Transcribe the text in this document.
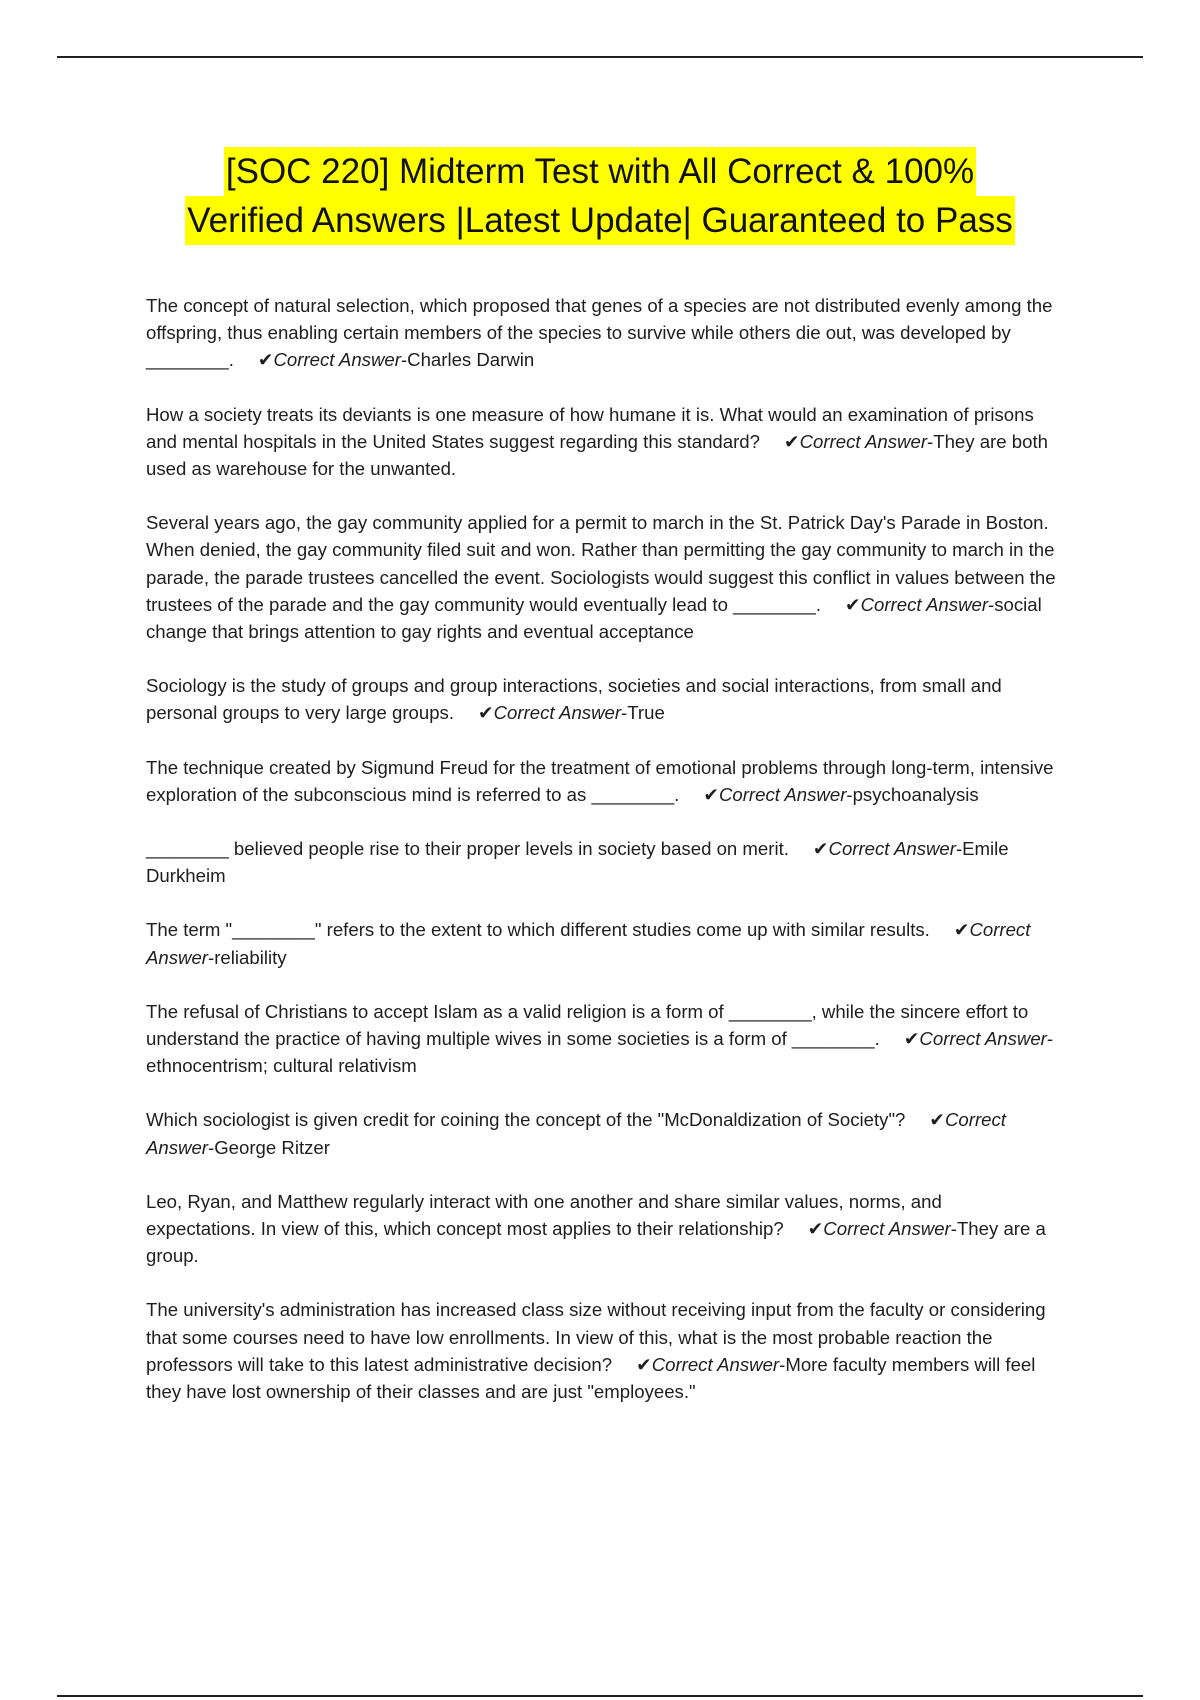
[SOC 220] Midterm Test with All Correct & 100%
Verified Answers |Latest Update| Guaranteed to Pass
The concept of natural selection, which proposed that genes of a species are not distributed evenly among the offspring, thus enabling certain members of the species to survive while others die out, was developed by ________. ✔Correct Answer-Charles Darwin
How a society treats its deviants is one measure of how humane it is. What would an examination of prisons and mental hospitals in the United States suggest regarding this standard? ✔Correct Answer-They are both used as warehouse for the unwanted.
Several years ago, the gay community applied for a permit to march in the St. Patrick Day's Parade in Boston. When denied, the gay community filed suit and won. Rather than permitting the gay community to march in the parade, the parade trustees cancelled the event. Sociologists would suggest this conflict in values between the trustees of the parade and the gay community would eventually lead to ________. ✔Correct Answer-social change that brings attention to gay rights and eventual acceptance
Sociology is the study of groups and group interactions, societies and social interactions, from small and personal groups to very large groups. ✔Correct Answer-True
The technique created by Sigmund Freud for the treatment of emotional problems through long-term, intensive exploration of the subconscious mind is referred to as ________. ✔Correct Answer-psychoanalysis
________ believed people rise to their proper levels in society based on merit. ✔Correct Answer-Emile Durkheim
The term "________" refers to the extent to which different studies come up with similar results. ✔Correct Answer-reliability
The refusal of Christians to accept Islam as a valid religion is a form of ________, while the sincere effort to understand the practice of having multiple wives in some societies is a form of ________. ✔Correct Answer-ethnocentrism; cultural relativism
Which sociologist is given credit for coining the concept of the "McDonaldization of Society"? ✔Correct Answer-George Ritzer
Leo, Ryan, and Matthew regularly interact with one another and share similar values, norms, and expectations. In view of this, which concept most applies to their relationship? ✔Correct Answer-They are a group.
The university's administration has increased class size without receiving input from the faculty or considering that some courses need to have low enrollments. In view of this, what is the most probable reaction the professors will take to this latest administrative decision? ✔Correct Answer-More faculty members will feel they have lost ownership of their classes and are just "employees."
